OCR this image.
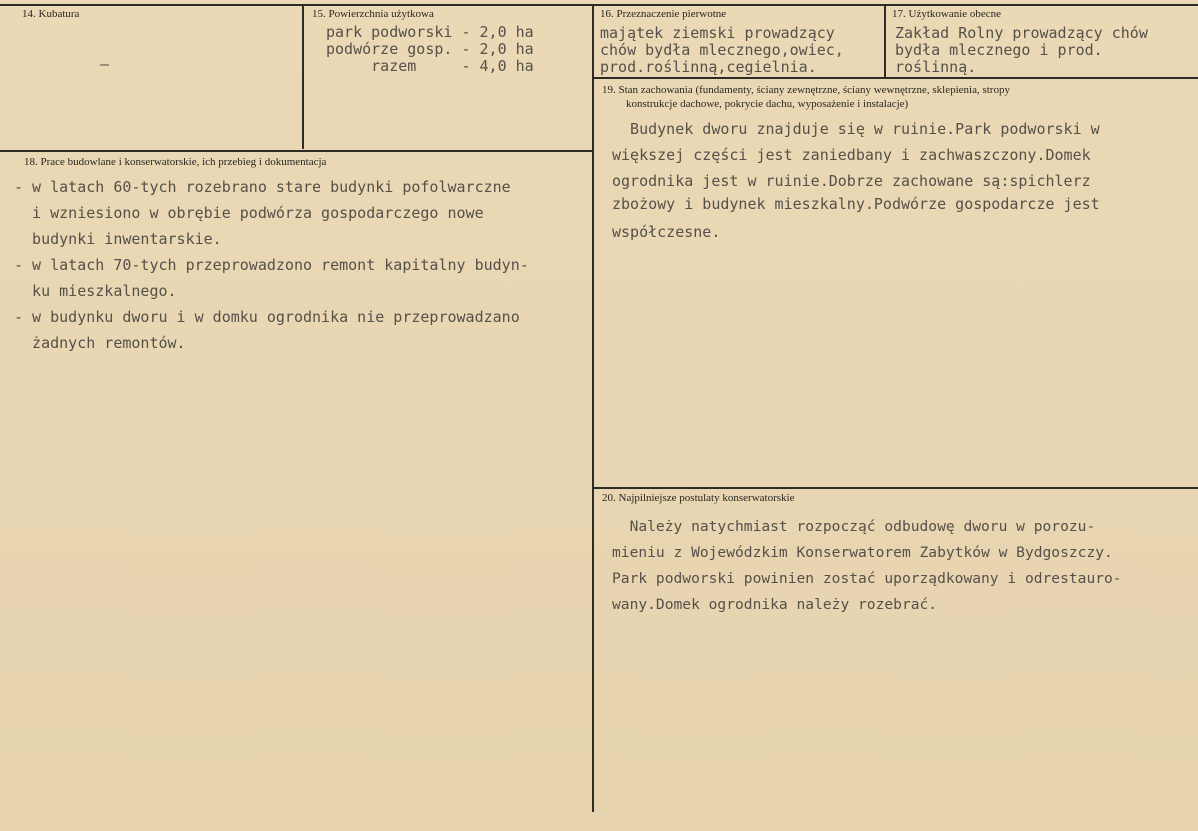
14. Kubatura
—
15. Powierzchnia użytkowa
park podworski - 2,0 ha
podwórze gosp. - 2,0 ha
razem     - 4,0 ha
16. Przeznaczenie pierwotne
majątek ziemski prowadzący
chów bydła mlecznego,owiec,
prod.roślinną,cegielnia.
17. Użytkowanie obecne
Zakład Rolny prowadzący chów
bydła mlecznego i prod.
roślinną.
19. Stan zachowania (fundamenty, ściany zewnętrzne, ściany wewnętrzne, sklepienia, stropy
konstrukcje dachowe, pokrycie dachu, wyposażenie i instalacje)
Budynek dworu znajduje się w ruinie.Park podworski w
większej części jest zaniedbany i zachwaszczony.Domek
ogrodnika jest w ruinie.Dobrze zachowane są:spichlerz
zbożowy i budynek mieszkalny.Podwórze gospodarcze jest
współczesne.
18. Prace budowlane i konserwatorskie, ich przebieg i dokumentacja
- w latach 60-tych rozebrano stare budynki pofolwarczne
i wzniesiono w obrębie podwórza gospodarczego nowe
budynki inwentarskie.
- w latach 70-tych przeprowadzono remont kapitalny budyn-
ku mieszkalnego.
- w budynku dworu i w domku ogrodnika nie przeprowadzano
żadnych remontów.
20. Najpilniejsze postulaty konserwatorskie
Należy natychmiast rozpocząć odbudowę dworu w porozu-
mieniu z Wojewódzkim Konserwatorem Zabytków w Bydgoszczy.
Park podworski powinien zostać uporządkowany i odrestauro-
wany.Domek ogrodnika należy rozebrać.
